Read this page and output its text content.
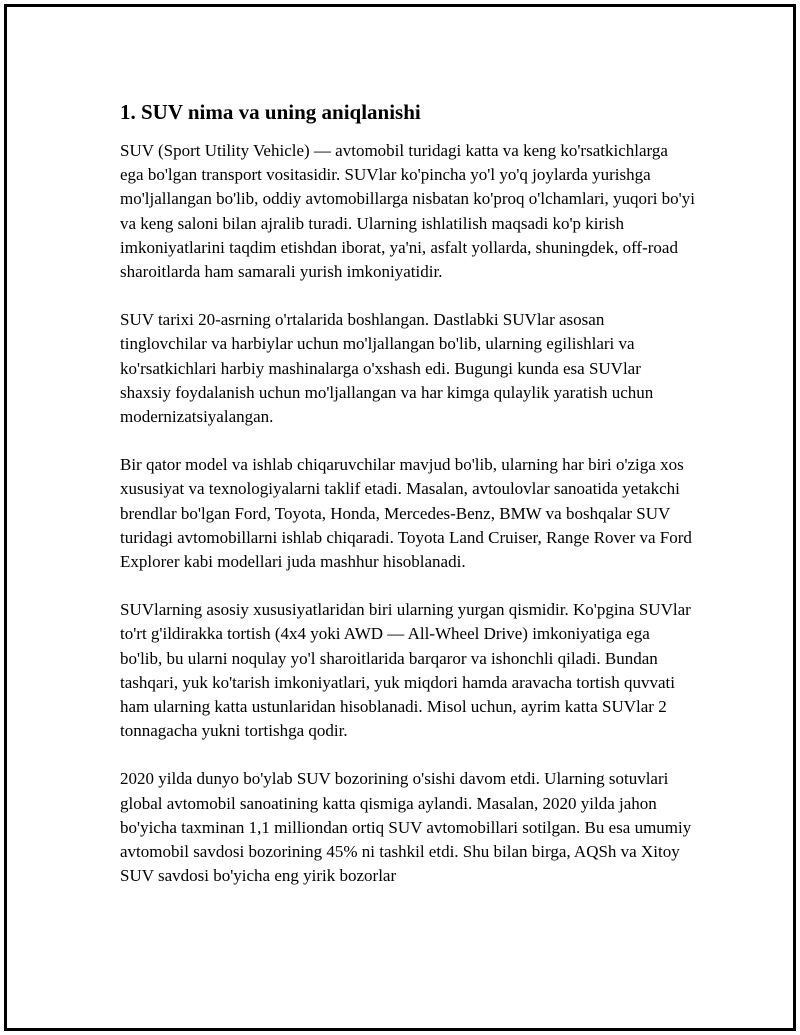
1. SUV nima va uning aniqlanishi

SUV (Sport Utility Vehicle) — avtomobil turidagi katta va keng ko'rsatkichlarga ega bo'lgan transport vositasidir. SUVlar ko'pincha yo'l yo'q joylarda yurishga mo'ljallangan bo'lib, oddiy avtomobillarga nisbatan ko'proq o'lchamlari, yuqori bo'yi va keng saloni bilan ajralib turadi. Ularning ishlatilish maqsadi ko'p kirish imkoniyatlarini taqdim etishdan iborat, ya'ni, asfalt yollarda, shuningdek, off-road sharoitlarda ham samarali yurish imkoniyatidir.

SUV tarixi 20-asrning o'rtalarida boshlangan. Dastlabki SUVlar asosan tinglovchilar va harbiylar uchun mo'ljallangan bo'lib, ularning egilishlari va ko'rsatkichlari harbiy mashinalarga o'xshash edi. Bugungi kunda esa SUVlar shaxsiy foydalanish uchun mo'ljallangan va har kimga qulaylik yaratish uchun modernizatsiyalangan.

Bir qator model va ishlab chiqaruvchilar mavjud bo'lib, ularning har biri o'ziga xos xususiyat va texnologiyalarni taklif etadi. Masalan, avtoulovlar sanoatida yetakchi brendlar bo'lgan Ford, Toyota, Honda, Mercedes-Benz, BMW va boshqalar SUV turidagi avtomobillarni ishlab chiqaradi. Toyota Land Cruiser, Range Rover va Ford Explorer kabi modellari juda mashhur hisoblanadi.

SUVlarning asosiy xususiyatlaridan biri ularning yurgan qismidir. Ko'pgina SUVlar to'rt g'ildirakka tortish (4x4 yoki AWD — All-Wheel Drive) imkoniyatiga ega bo'lib, bu ularni noqulay yo'l sharoitlarida barqaror va ishonchli qiladi. Bundan tashqari, yuk ko'tarish imkoniyatlari, yuk miqdori hamda aravacha tortish quvvati ham ularning katta ustunlaridan hisoblanadi. Misol uchun, ayrim katta SUVlar 2 tonnagacha yukni tortishga qodir.

2020 yilda dunyo bo'ylab SUV bozorining o'sishi davom etdi. Ularning sotuvlari global avtomobil sanoatining katta qismiga aylandi. Masalan, 2020 yilda jahon bo'yicha taxminan 1,1 milliondan ortiq SUV avtomobillari sotilgan. Bu esa umumiy avtomobil savdosi bozorining 45% ni tashkil etdi. Shu bilan birga, AQSh va Xitoy SUV savdosi bo'yicha eng yirik bozorlar
